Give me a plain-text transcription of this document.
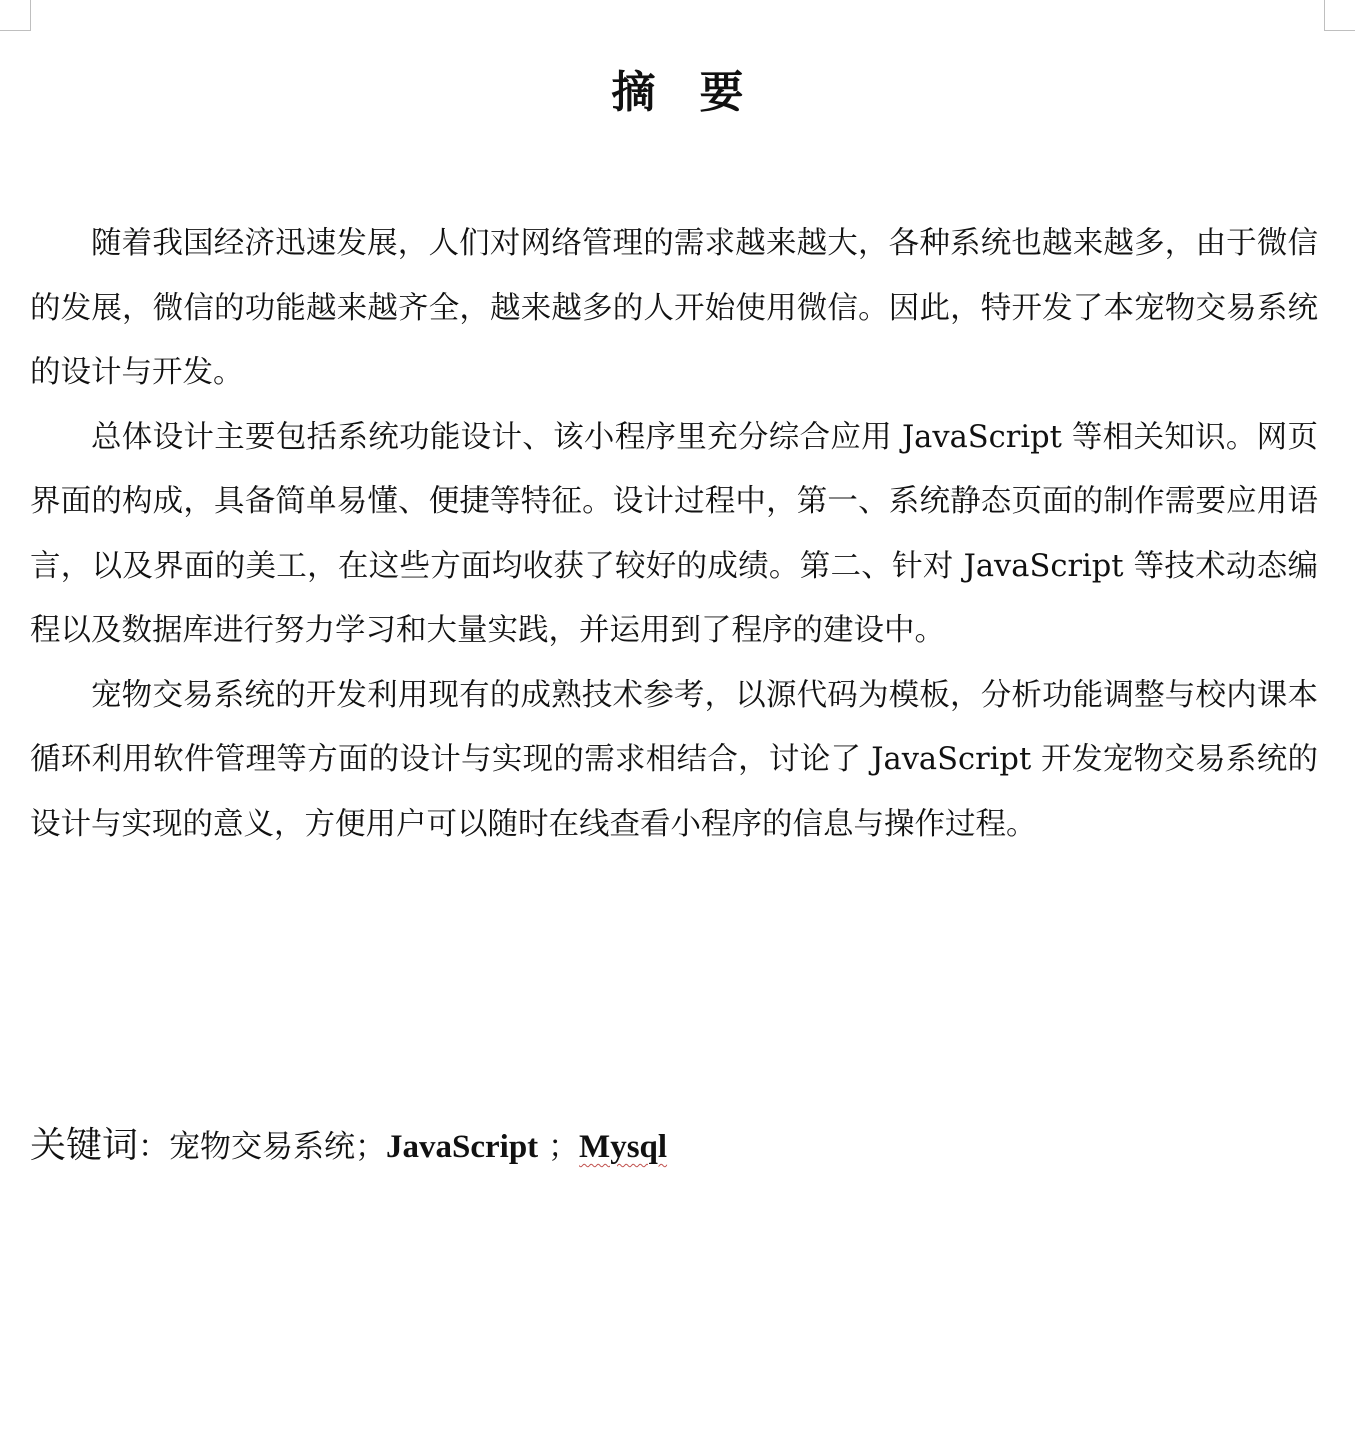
摘 要

随着我国经济迅速发展，人们对网络管理的需求越来越大，各种系统也越来越多，由于微信的发展，微信的功能越来越齐全，越来越多的人开始使用微信。因此，特开发了本宠物交易系统的设计与开发。

总体设计主要包括系统功能设计、该小程序里充分综合应用 JavaScript 等相关知识。网页界面的构成，具备简单易懂、便捷等特征。设计过程中，第一、系统静态页面的制作需要应用语言，以及界面的美工，在这些方面均收获了较好的成绩。第二、针对 JavaScript 等技术动态编程以及数据库进行努力学习和大量实践，并运用到了程序的建设中。

宠物交易系统的开发利用现有的成熟技术参考，以源代码为模板，分析功能调整与校内课本循环利用软件管理等方面的设计与实现的需求相结合，讨论了 JavaScript 开发宠物交易系统的设计与实现的意义，方便用户可以随时在线查看小程序的信息与操作过程。

关键词：宠物交易系统；JavaScript ；Mysql
